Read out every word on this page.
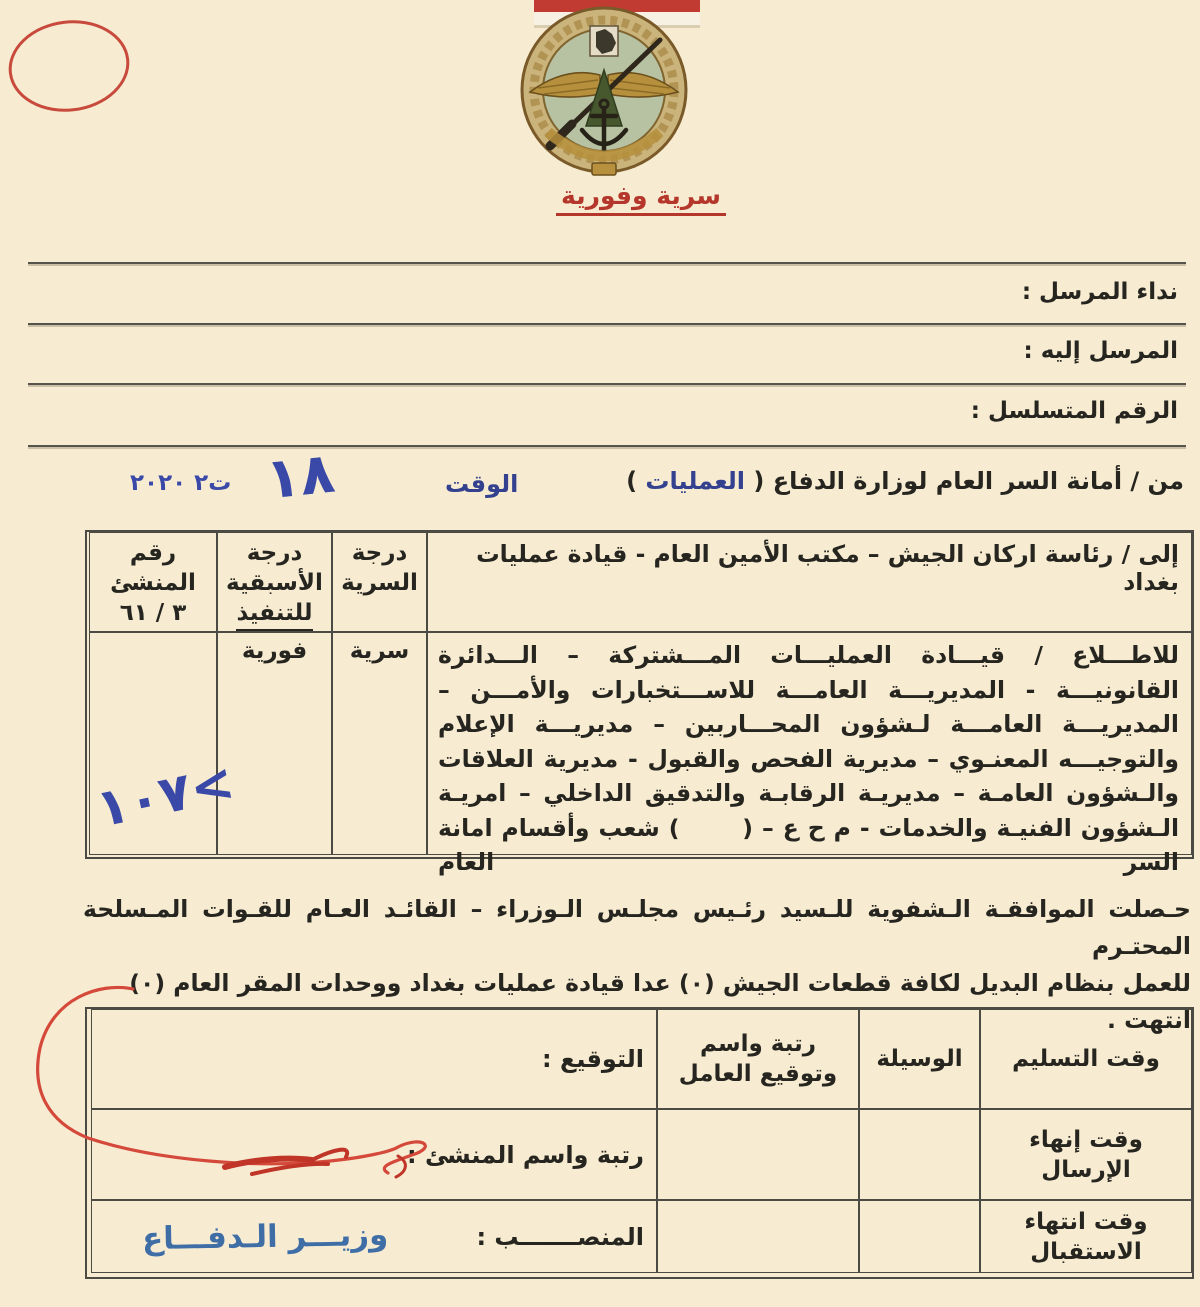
سرية وفورية
نداء المرسل :
المرسل إليه :
الرقم المتسلسل :
من / أمانة السر العام لوزارة الدفاع ( العمليات )
الوقت
١٨
ت٢ ٢٠٢٠
إلى / رئاسة اركان الجيش – مكتب الأمين العام - قيادة عمليات بغداد
درجة
السرية
درجة
الأسبقية
للتنفيذ
رقم
المنشئ
٣ / ٦١
للاطـــلاع / قيـــادة العمليـــات المـــشتركة – الـــدائرة القانونيـــة - المديريـــة العامـــة للاســـتخبارات والأمـــن – المديريـــة العامـــة لـشؤون المحـــاربين – مديريـــة الإعلام والتوجيـــه المعنـوي – مديرية الفحص والقبول - مديرية العلاقات والـشؤون العامـة – مديريـة الرقابـة والتدقيق الداخلي – امريـة الـشؤون الفنيـة والخدمات - م ح ع – (       ) شعب وأقسام امانة السر العام
سرية
فورية
١٠٧<
حـصلت الموافقـة الـشفوية للـسيد رئـيس مجلـس الـوزراء – القائـد العـام للقـوات المـسلحة المحتـرم
للعمل بنظام البديل لكافة قطعات الجيش (٠) عدا قيادة عمليات بغداد ووحدات المقر العام (٠) انتهت .
وقت التسليم
الوسيلة
رتبة واسم
وتوقيع العامل
التوقيع :
وقت إنهاء
الإرسال
رتبة واسم المنشئ :
وقت انتهاء
الاستقبال
المنصـــــــب :
وزيـــر الـدفـــاع
